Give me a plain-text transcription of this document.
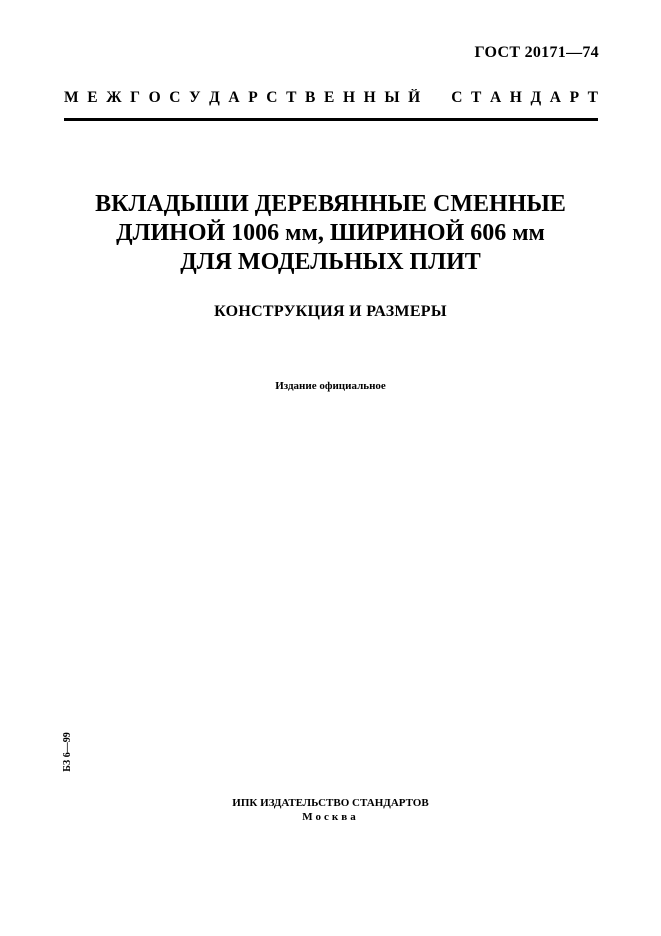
ГОСТ 20171—74
М Е Ж Г О С У Д А Р С Т В Е Н Н Ы Й  С Т А Н Д А Р Т
ВКЛАДЫШИ ДЕРЕВЯННЫЕ СМЕННЫЕ
ДЛИНОЙ 1006 мм, ШИРИНОЙ 606 мм
ДЛЯ МОДЕЛЬНЫХ ПЛИТ
КОНСТРУКЦИЯ И РАЗМЕРЫ
Издание официальное
БЗ 6—99
ИПК ИЗДАТЕЛЬСТВО СТАНДАРТОВ
Москва
